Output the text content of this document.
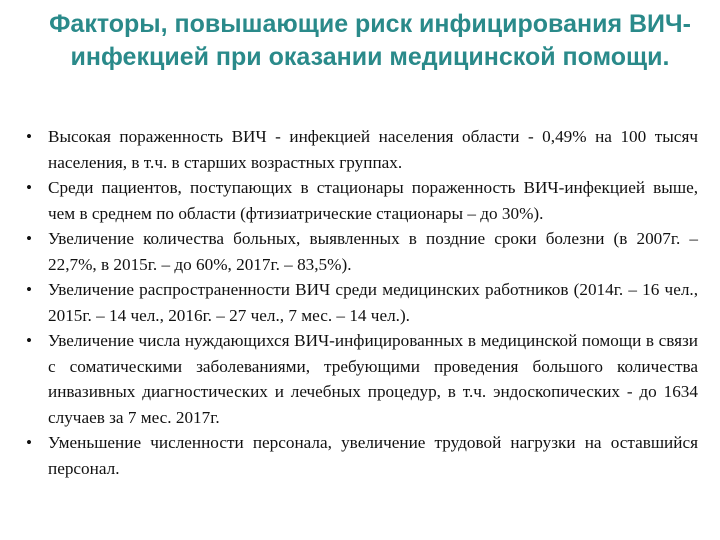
Факторы, повышающие риск инфицирования ВИЧ-инфекцией при оказании медицинской помощи.
• Высокая пораженность ВИЧ - инфекцией населения области - 0,49% на 100 тысяч населения, в т.ч. в старших возрастных группах.
• Среди пациентов, поступающих в стационары пораженность ВИЧ-инфекцией выше, чем в среднем по области (фтизиатрические стационары – до 30%).
• Увеличение количества больных, выявленных в поздние сроки болезни (в 2007г. – 22,7%, в 2015г. – до 60%, 2017г. – 83,5%).
• Увеличение распространенности ВИЧ среди медицинских работников (2014г. – 16 чел., 2015г. – 14 чел., 2016г. – 27 чел., 7 мес. – 14 чел.).
• Увеличение числа нуждающихся ВИЧ-инфицированных в медицинской помощи в связи с соматическими заболеваниями, требующими проведения большого количества инвазивных диагностических и лечебных процедур, в т.ч. эндоскопических - до 1634 случаев за 7 мес. 2017г.
• Уменьшение численности персонала, увеличение трудовой нагрузки на оставшийся персонал.
